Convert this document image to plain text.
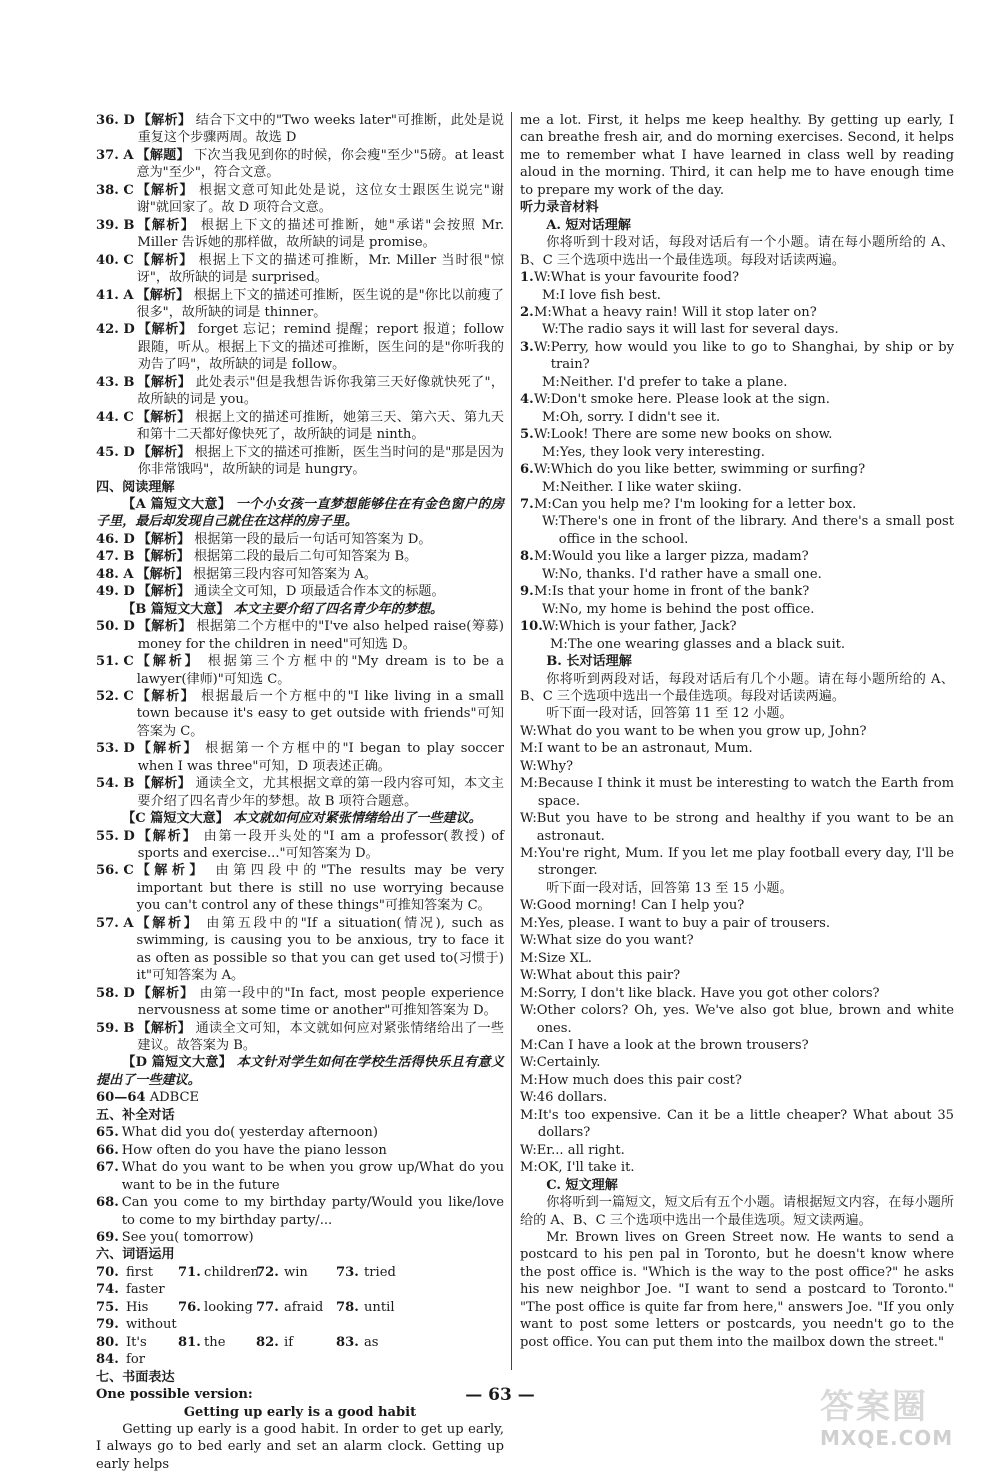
36. D 【解析】 结合下文中的"Two weeks later"可推断，此处是说重复这个步骤两周。故选 D
37. A 【解题】 下次当我见到你的时候，你会瘦"至少"5磅。at least 意为"至少"，符合文意。
38. C 【解析】 根据文意可知此处是说，这位女士跟医生说完"谢谢"就回家了。故 D 项符合文意。
39. B 【解析】 根据上下文的描述可推断，她"承诺"会按照 Mr. Miller 告诉她的那样做，故所缺的词是 promise。
40. C 【解析】 根据上下文的描述可推断，Mr. Miller 当时很"惊讶"，故所缺的词是 surprised。
41. A 【解析】 根据上下文的描述可推断，医生说的是"你比以前瘦了很多"，故所缺的词是 thinner。
42. D 【解析】 forget 忘记；remind 提醒；report 报道；follow 跟随，听从。根据上下文的描述可推断，医生问的是"你听我的劝告了吗"，故所缺的词是 follow。
43. B 【解析】 此处表示"但是我想告诉你我第三天好像就快死了"，故所缺的词是 you。
44. C 【解析】 根据上文的描述可推断，她第三天、第六天、第九天和第十二天都好像快死了，故所缺的词是 ninth。
45. D 【解析】 根据上下文的描述可推断，医生当时问的是"那是因为你非常饿吗"，故所缺的词是 hungry。

四、阅读理解

【A 篇短文大意】 一个小女孩一直梦想能够住在有金色窗户的房子里，最后却发现自己就住在这样的房子里。

46. D 【解析】 根据第一段的最后一句话可知答案为 D。
47. B 【解析】 根据第二段的最后二句可知答案为 B。
48. A 【解析】 根据第三段内容可知答案为 A。
49. D 【解析】 通读全文可知，D 项最适合作本文的标题。

【B 篇短文大意】 本文主要介绍了四名青少年的梦想。

50. D 【解析】 根据第二个方框中的"I've also helped raise(筹募) money for the children in need"可知选 D。
51. C 【解析】 根据第三个方框中的"My dream is to be a lawyer(律师)"可知选 C。
52. C 【解析】 根据最后一个方框中的"I like living in a small town because it's easy to get outside with friends"可知答案为 C。
53. D 【解析】 根据第一个方框中的"I began to play soccer when I was three"可知，D 项表述正确。
54. B 【解析】 通读全文，尤其根据文章的第一段内容可知，本文主要介绍了四名青少年的梦想。故 B 项符合题意。

【C 篇短文大意】 本文就如何应对紧张情绪给出了一些建议。

55. D 【解析】 由第一段开头处的"I am a professor(教授) of sports and exercise..."可知答案为 D。
56. C 【解析】 由第四段中的"The results may be very important but there is still no use worrying because you can't control any of these things"可推知答案为 C。
57. A 【解析】 由第五段中的"If a situation(情况), such as swimming, is causing you to be anxious, try to face it as often as possible so that you can get used to(习惯于) it"可知答案为 A。
58. D 【解析】 由第一段中的"In fact, most people experience nervousness at some time or another"可推知答案为 D。
59. B 【解析】 通读全文可知，本文就如何应对紧张情绪给出了一些建议。故答案为 B。

【D 篇短文大意】 本文针对学生如何在学校生活得快乐且有意义提出了一些建议。

60—64 ADBCE

五、补全对话

65. What did you do( yesterday afternoon)
66. How often do you have the piano lesson
67. What do you want to be when you grow up/What do you want to be in the future
68. Can you come to my birthday party/Would you like/love to come to my birthday party/...
69. See you( tomorrow)

六、词语运用

70. first	71. children
72. win	73. tried
74. faster
75. His	76. looking 77. afraid 78. until
79. without
80. It's	81. the	82. if	83. as
84. for

七、书面表达

One possible version:

Getting up early is a good habit

Getting up early is a good habit. In order to get up early, I always go to bed early and set an alarm clock. Getting up early helps

me a lot. First, it helps me keep healthy. By getting up early, I can breathe fresh air, and do morning exercises. Second, it helps me to remember what I have learned in class well by reading aloud in the morning. Third, it can help me to have enough time to prepare my work of the day.

听力录音材料

A. 短对话理解

你将听到十段对话，每段对话后有一个小题。请在每小题所给的 A、B、C 三个选项中选出一个最佳选项。每段对话读两遍。

1. W: What is your favourite food?
M: I love fish best.
2. M: What a heavy rain! Will it stop later on?
W: The radio says it will last for several days.
3. W: Perry, how would you like to go to Shanghai, by ship or by train?
M: Neither. I'd prefer to take a plane.
4. W: Don't smoke here. Please look at the sign.
M: Oh, sorry. I didn't see it.
5. W: Look! There are some new books on show.
M: Yes, they look very interesting.
6. W: Which do you like better, swimming or surfing?
M: Neither. I like water skiing.
7. M: Can you help me? I'm looking for a letter box.
W: There's one in front of the library. And there's a small post office in the school.
8. M: Would you like a larger pizza, madam?
W: No, thanks. I'd rather have a small one.
9. M: Is that your home in front of the bank?
W: No, my home is behind the post office.
10. W: Which is your father, Jack?
M: The one wearing glasses and a black suit.

B. 长对话理解

你将听到两段对话，每段对话后有几个小题。请在每小题所给的 A、B、C 三个选项中选出一个最佳选项。每段对话读两遍。

听下面一段对话，回答第 11 至 12 小题。

W: What do you want to be when you grow up, John?
M: I want to be an astronaut, Mum.
W: Why?
M: Because I think it must be interesting to watch the Earth from space.
W: But you have to be strong and healthy if you want to be an astronaut.
M: You're right, Mum. If you let me play football every day, I'll be stronger.

听下面一段对话，回答第 13 至 15 小题。

W: Good morning! Can I help you?
M: Yes, please. I want to buy a pair of trousers.
W: What size do you want?
M: Size XL.
W: What about this pair?
M: Sorry, I don't like black. Have you got other colors?
W: Other colors? Oh, yes. We've also got blue, brown and white ones.
M: Can I have a look at the brown trousers?
W: Certainly.
M: How much does this pair cost?
W: 46 dollars.
M: It's too expensive. Can it be a little cheaper? What about 35 dollars?
W: Er... all right.
M: OK, I'll take it.

C. 短文理解

你将听到一篇短文，短文后有五个小题。请根据短文内容，在每小题所给的 A、B、C 三个选项中选出一个最佳选项。短文读两遍。

Mr. Brown lives on Green Street now. He wants to send a postcard to his pen pal in Toronto, but he doesn't know where the post office is. "Which is the way to the post office?" he asks his new neighbor Joe. "I want to send a postcard to Toronto." "The post office is quite far from here," answers Joe. "If you only want to post some letters or postcards, you needn't go to the post office. You can put them into the mailbox down the street."

— 63 —	答案圈
MXQE.COM
